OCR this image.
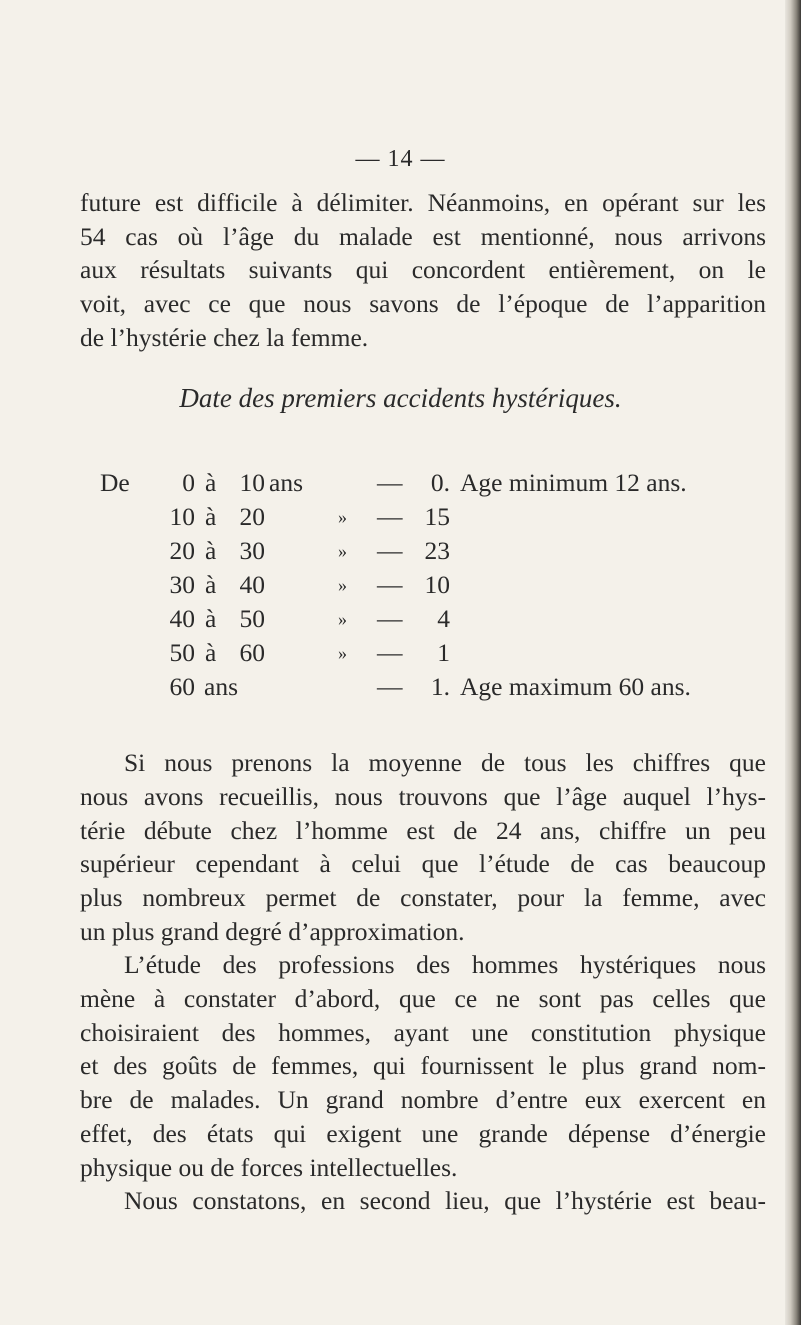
— 14 —
future est difficile à délimiter. Néanmoins, en opérant sur les
54 cas où l’âge du malade est mentionné, nous arrivons
aux résultats suivants qui concordent entièrement, on le
voit, avec ce que nous savons de l’époque de l’apparition
de l’hystérie chez la femme.
Date des premiers accidents hystériques.
De	0 à 10 ans	—	0. Age minimum 12 ans.
10 à 20	» — 15
20 à 30	» — 23
30 à 40	» — 10
40 à 50	» —	4
50 à 60	» —	1
60 ans	—	1. Age maximum 60 ans.
Si nous prenons la moyenne de tous les chiffres que
nous avons recueillis, nous trouvons que l’âge auquel l’hys-
térie débute chez l’homme est de 24 ans, chiffre un peu
supérieur cependant à celui que l’étude de cas beaucoup
plus nombreux permet de constater, pour la femme, avec
un plus grand degré d’approximation.
L’étude des professions des hommes hystériques nous
mène à constater d’abord, que ce ne sont pas celles que
choisiraient des hommes, ayant une constitution physique
et des goûts de femmes, qui fournissent le plus grand nom-
bre de malades. Un grand nombre d’entre eux exercent en
effet, des états qui exigent une grande dépense d’énergie
physique ou de forces intellectuelles.
Nous constatons, en second lieu, que l’hystérie est beau-
